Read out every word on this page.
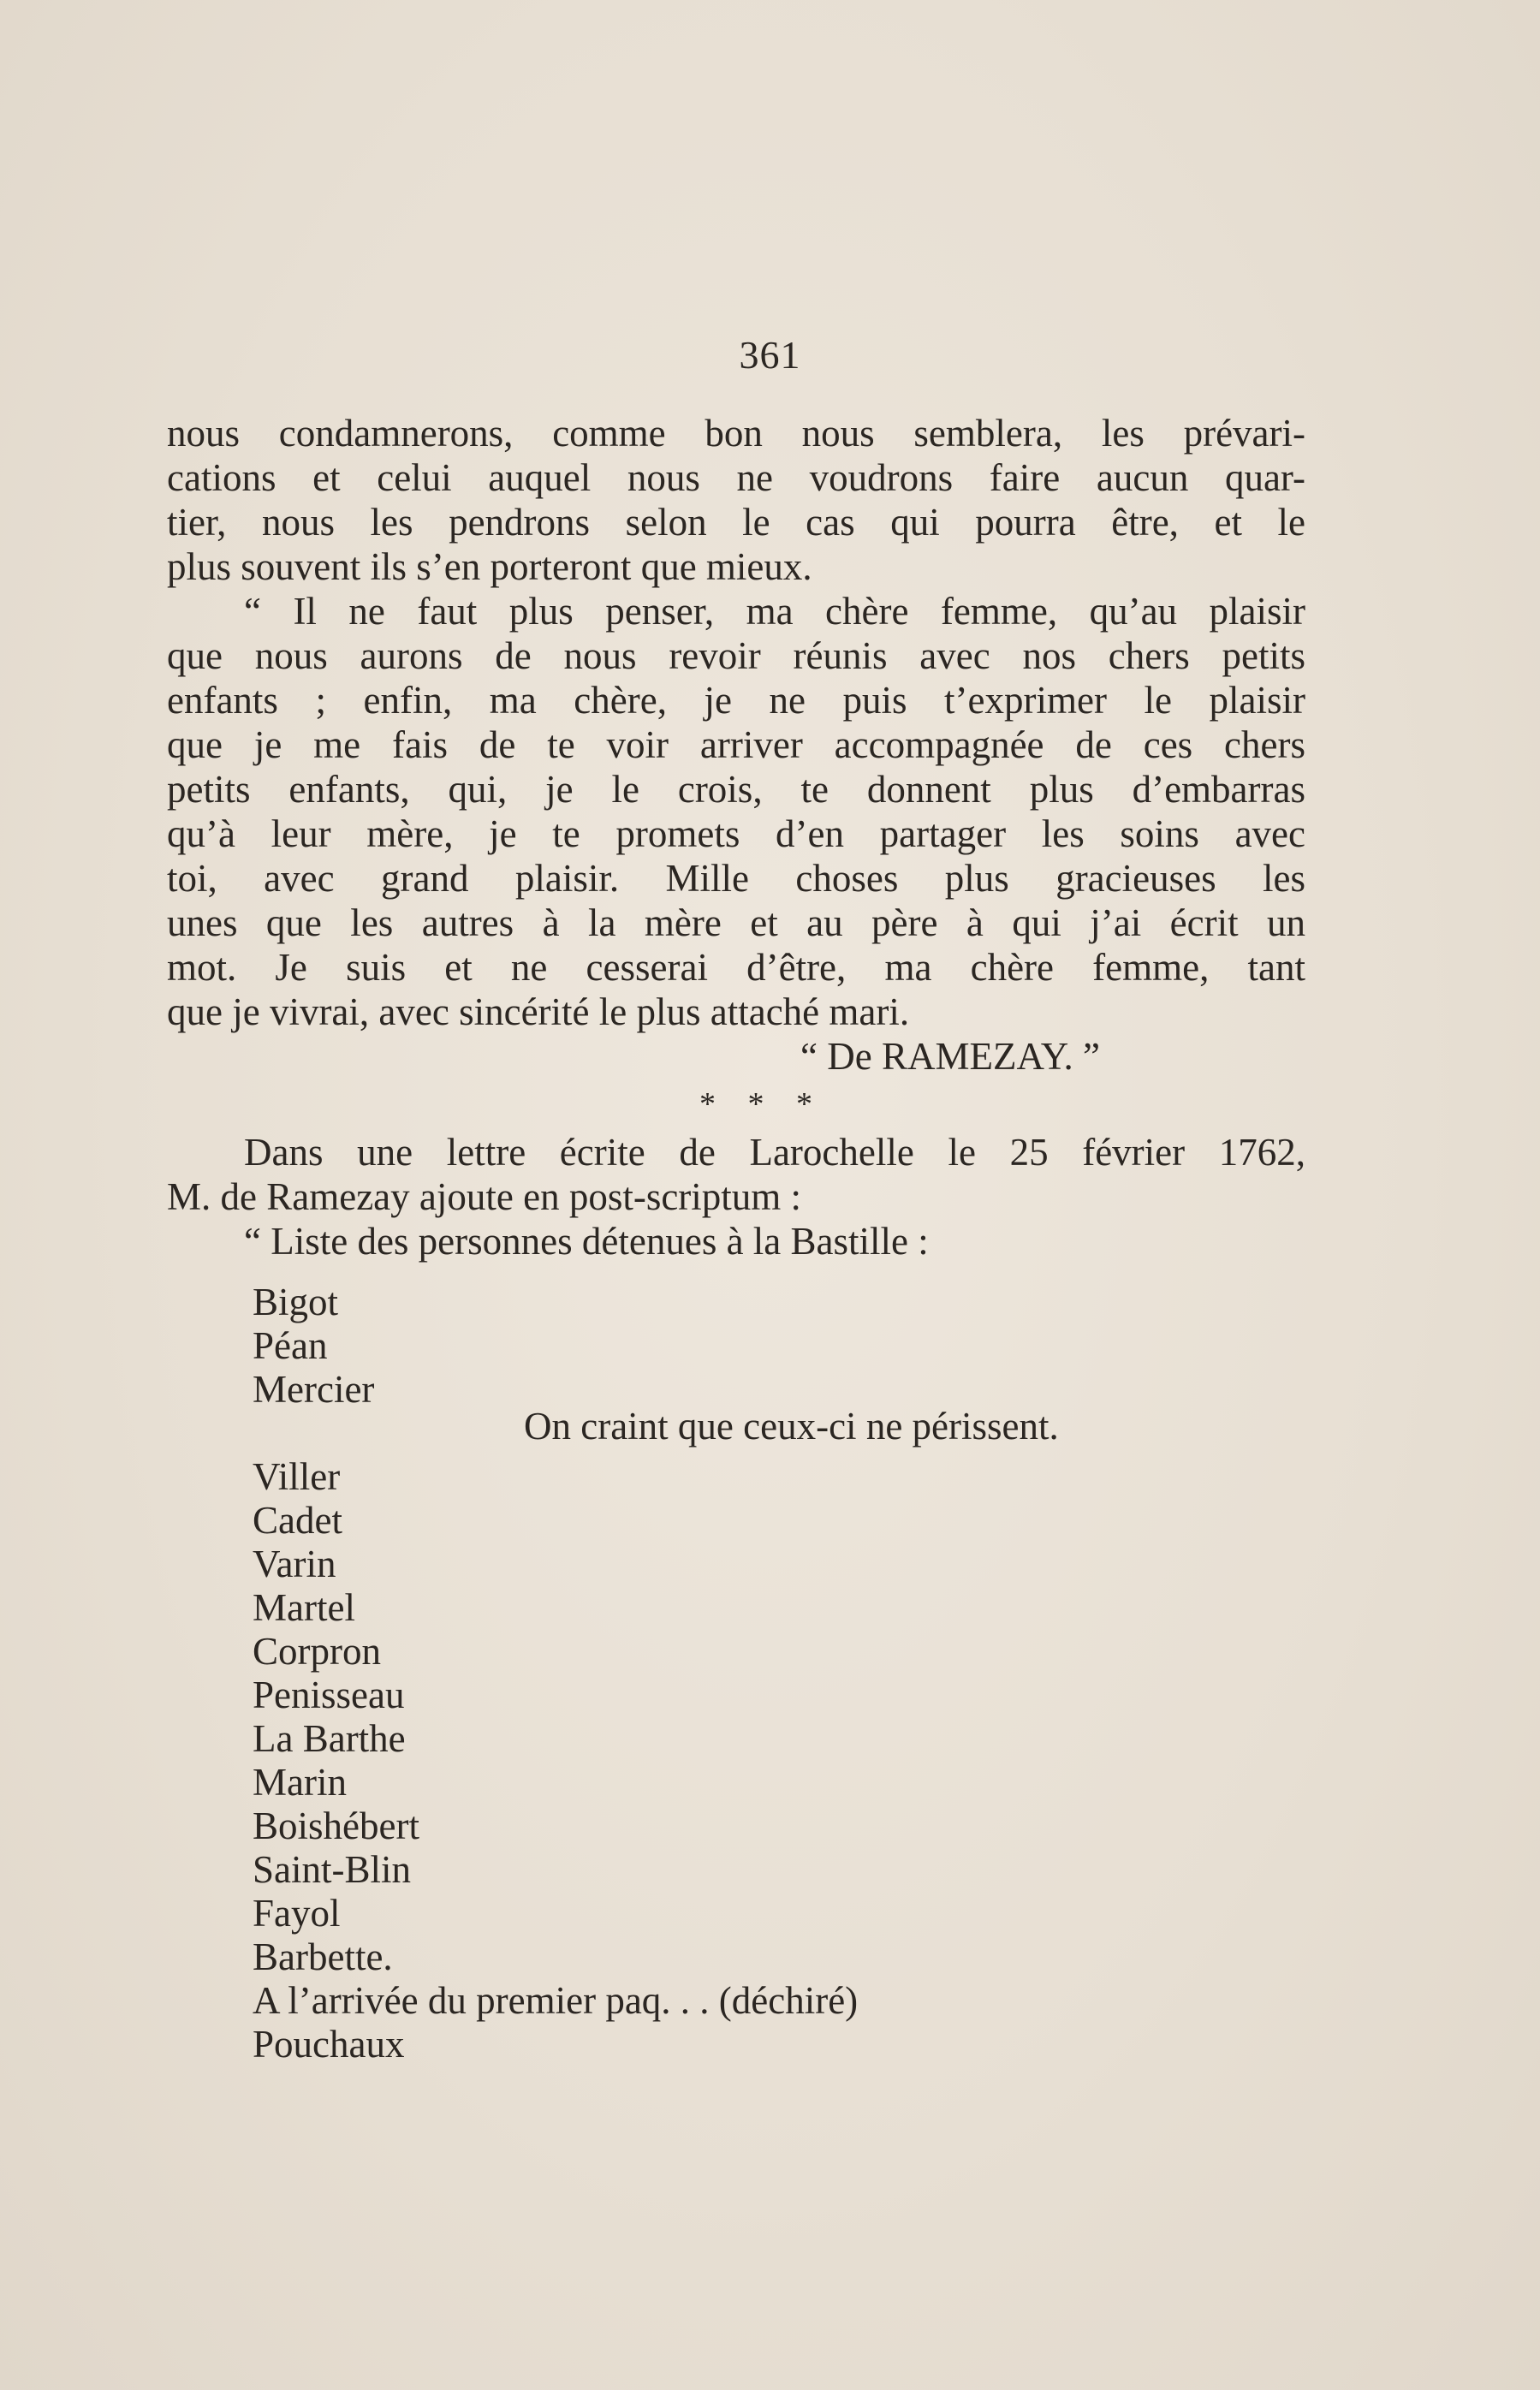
361
nous condamnerons, comme bon nous semblera, les prévari-
cations et celui auquel nous ne voudrons faire aucun quar-
tier, nous les pendrons selon le cas qui pourra être, et le
plus souvent ils s’en porteront que mieux.
“ Il ne faut plus penser, ma chère femme, qu’au plaisir
que nous aurons de nous revoir réunis avec nos chers petits
enfants ; enfin, ma chère, je ne puis t’exprimer le plaisir
que je me fais de te voir arriver accompagnée de ces chers
petits enfants, qui, je le crois, te donnent plus d’embarras
qu’à leur mère, je te promets d’en partager les soins avec
toi, avec grand plaisir. Mille choses plus gracieuses les
unes que les autres à la mère et au père à qui j’ai écrit un
mot. Je suis et ne cesserai d’être, ma chère femme, tant
que je vivrai, avec sincérité le plus attaché mari.
“ De RAMEZAY. ”
* * *
Dans une lettre écrite de Larochelle le 25 février 1762,
M. de Ramezay ajoute en post-scriptum :
“ Liste des personnes détenues à la Bastille :
Bigot
Péan
Mercier
Viller
Cadet
Varin
Martel
Corpron
Penisseau
La Barthe
Marin
Boishébert
Saint-Blin
Fayol
Barbette.
A l’arrivée du premier paq. . . (déchiré)
Pouchaux
On craint que ceux-ci ne périssent.
